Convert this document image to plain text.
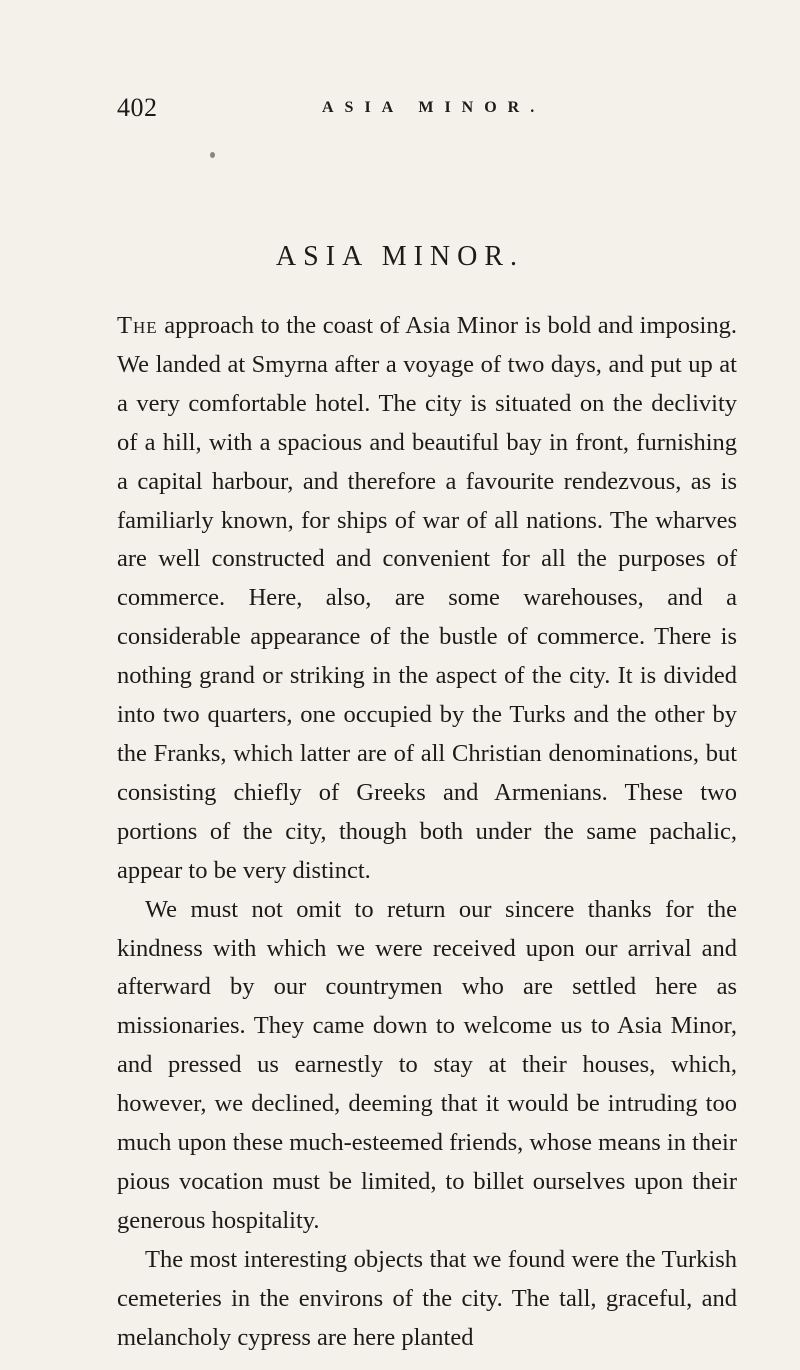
402	ASIA MINOR.
ASIA MINOR.

The approach to the coast of Asia Minor is bold and imposing. We landed at Smyrna after a voyage of two days, and put up at a very comfortable hotel. The city is situated on the declivity of a hill, with a spacious and beautiful bay in front, furnishing a capital harbour, and therefore a favourite rendezvous, as is familiarly known, for ships of war of all nations. The wharves are well constructed and convenient for all the purposes of commerce. Here, also, are some warehouses, and a considerable appearance of the bustle of commerce. There is nothing grand or striking in the aspect of the city. It is divided into two quarters, one occupied by the Turks and the other by the Franks, which latter are of all Christian denominations, but consisting chiefly of Greeks and Armenians. These two portions of the city, though both under the same pachalic, appear to be very distinct.

We must not omit to return our sincere thanks for the kindness with which we were received upon our arrival and afterward by our countrymen who are settled here as missionaries. They came down to welcome us to Asia Minor, and pressed us earnestly to stay at their houses, which, however, we declined, deeming that it would be intruding too much upon these much-esteemed friends, whose means in their pious vocation must be limited, to billet ourselves upon their generous hospitality.

The most interesting objects that we found were the Turkish cemeteries in the environs of the city. The tall, graceful, and melancholy cypress are here planted
